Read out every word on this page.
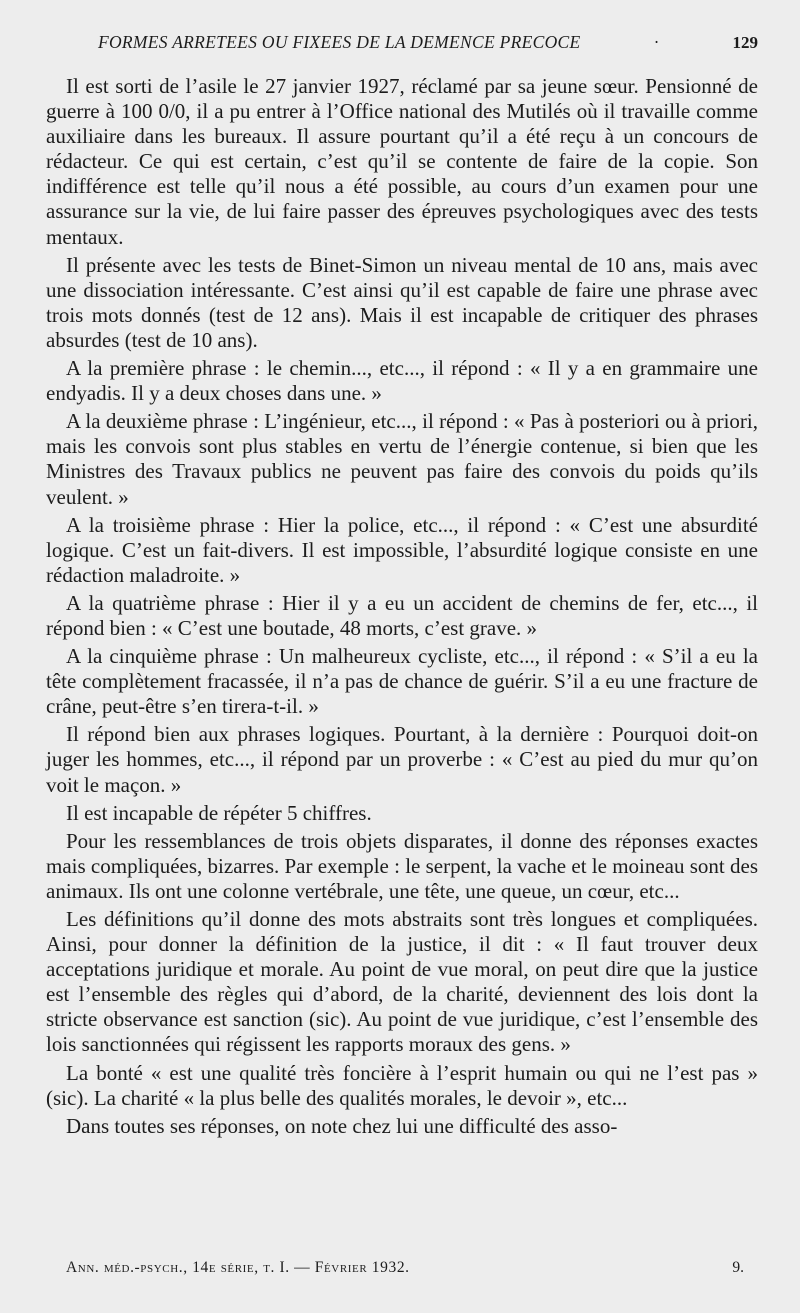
FORMES ARRETEES OU FIXEES DE LA DEMENCE PRECOCE	·	129

Il est sorti de l’asile le 27 janvier 1927, réclamé par sa jeune sœur. Pensionné de guerre à 100 0/0, il a pu entrer à l’Office national des Mutilés où il travaille comme auxiliaire dans les bureaux. Il assure pourtant qu’il a été reçu à un concours de rédacteur. Ce qui est certain, c’est qu’il se contente de faire de la copie. Son indifférence est telle qu’il nous a été possible, au cours d’un examen pour une assurance sur la vie, de lui faire passer des épreuves psychologiques avec des tests mentaux.

Il présente avec les tests de Binet-Simon un niveau mental de 10 ans, mais avec une dissociation intéressante. C’est ainsi qu’il est capable de faire une phrase avec trois mots donnés (test de 12 ans). Mais il est incapable de critiquer des phrases absurdes (test de 10 ans).

A la première phrase : le chemin..., etc..., il répond : « Il y a en grammaire une endyadis. Il y a deux choses dans une. »

A la deuxième phrase : L’ingénieur, etc..., il répond : « Pas à posteriori ou à priori, mais les convois sont plus stables en vertu de l’énergie contenue, si bien que les Ministres des Travaux publics ne peuvent pas faire des convois du poids qu’ils veulent. »

A la troisième phrase : Hier la police, etc..., il répond : « C’est une absurdité logique. C’est un fait-divers. Il est impossible, l’absurdité logique consiste en une rédaction maladroite. »

A la quatrième phrase : Hier il y a eu un accident de chemins de fer, etc..., il répond bien : « C’est une boutade, 48 morts, c’est grave. »

A la cinquième phrase : Un malheureux cycliste, etc..., il répond : « S’il a eu la tête complètement fracassée, il n’a pas de chance de guérir. S’il a eu une fracture de crâne, peut-être s’en tirera-t-il. »

Il répond bien aux phrases logiques. Pourtant, à la dernière : Pourquoi doit-on juger les hommes, etc..., il répond par un proverbe : « C’est au pied du mur qu’on voit le maçon. »

Il est incapable de répéter 5 chiffres.

Pour les ressemblances de trois objets disparates, il donne des réponses exactes mais compliquées, bizarres. Par exemple : le serpent, la vache et le moineau sont des animaux. Ils ont une colonne vertébrale, une tête, une queue, un cœur, etc...

Les définitions qu’il donne des mots abstraits sont très longues et compliquées. Ainsi, pour donner la définition de la justice, il dit : « Il faut trouver deux acceptations juridique et morale. Au point de vue moral, on peut dire que la justice est l’ensemble des règles qui d’abord, de la charité, deviennent des lois dont la stricte observance est sanction (sic). Au point de vue juridique, c’est l’ensemble des lois sanctionnées qui régissent les rapports moraux des gens. »

La bonté « est une qualité très foncière à l’esprit humain ou qui ne l’est pas » (sic). La charité « la plus belle des qualités morales, le devoir », etc...

Dans toutes ses réponses, on note chez lui une difficulté des asso-

Ann. méd.-psych., 14e série, t. I. — Février 1932.	9.
